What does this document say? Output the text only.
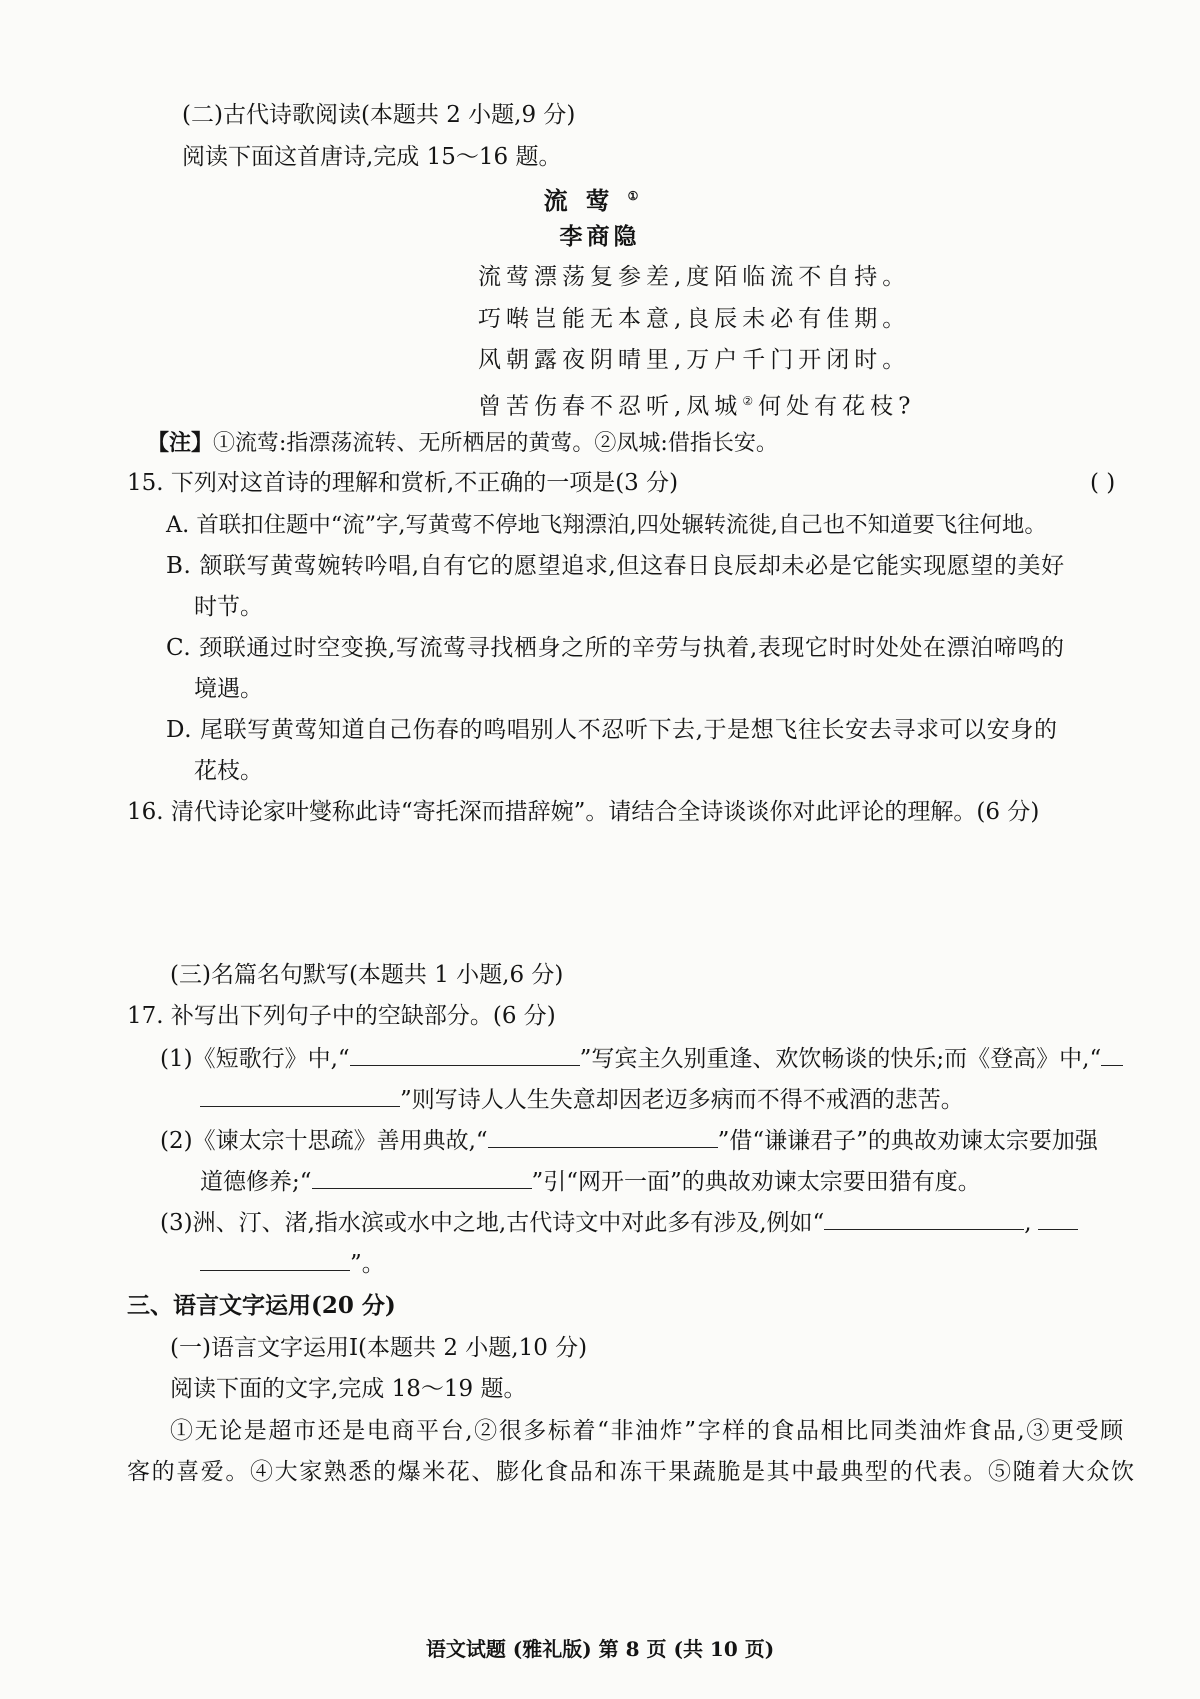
(二)古代诗歌阅读(本题共 2 小题,9 分)
阅读下面这首唐诗,完成 15～16 题。
流莺①
李商隐
流莺漂荡复参差,度陌临流不自持。
巧啭岂能无本意,良辰未必有佳期。
风朝露夜阴晴里,万户千门开闭时。
曾苦伤春不忍听,凤城②何处有花枝?
【注】①流莺:指漂荡流转、无所栖居的黄莺。②凤城:借指长安。
15. 下列对这首诗的理解和赏析,不正确的一项是(3 分)	( )
A. 首联扣住题中“流”字,写黄莺不停地飞翔漂泊,四处辗转流徙,自己也不知道要飞往何地。
B. 颔联写黄莺婉转吟唱,自有它的愿望追求,但这春日良辰却未必是它能实现愿望的美好
时节。
C. 颈联通过时空变换,写流莺寻找栖身之所的辛劳与执着,表现它时时处处在漂泊啼鸣的
境遇。
D. 尾联写黄莺知道自己伤春的鸣唱别人不忍听下去,于是想飞往长安去寻求可以安身的
花枝。
16. 清代诗论家叶燮称此诗“寄托深而措辞婉”。请结合全诗谈谈你对此评论的理解。(6 分)
(三)名篇名句默写(本题共 1 小题,6 分)
17. 补写出下列句子中的空缺部分。(6 分)
(1)《短歌行》中,“	”写宾主久别重逢、欢饮畅谈的快乐;而《登高》中,“
”则写诗人人生失意却因老迈多病而不得不戒酒的悲苦。
(2)《谏太宗十思疏》善用典故,“	”借“谦谦君子”的典故劝谏太宗要加强
道德修养;“	”引“网开一面”的典故劝谏太宗要田猎有度。
(3)洲、汀、渚,指水滨或水中之地,古代诗文中对此多有涉及,例如“	,
”。
三、语言文字运用(20 分)
(一)语言文字运用Ⅰ(本题共 2 小题,10 分)
阅读下面的文字,完成 18～19 题。
①无论是超市还是电商平台,②很多标着“非油炸”字样的食品相比同类油炸食品,③更受顾
客的喜爱。④大家熟悉的爆米花、膨化食品和冻干果蔬脆是其中最典型的代表。⑤随着大众饮
语文试题 (雅礼版) 第 8 页 (共 10 页)
